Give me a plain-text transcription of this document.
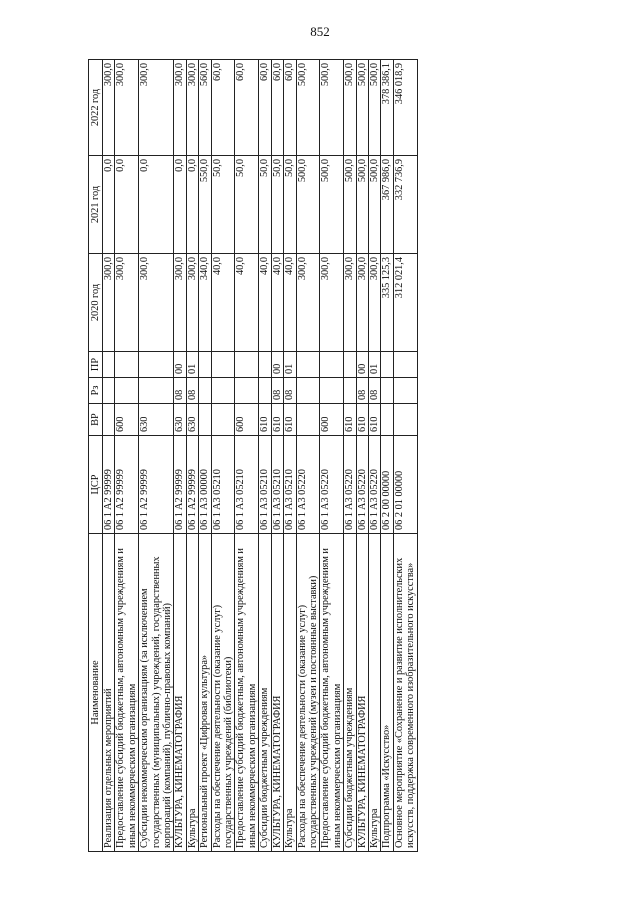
852
Наименование	ЦСР	ВР	Рз	ПР	2020 год	2021 год	2022 год
Реализация отдельных мероприятий	06 1 A2 99999				300,0	0,0	300,0
Предоставление субсидий бюджетным, автономным учреждениям и иным некоммерческим организациям	06 1 A2 99999	600			300,0	0,0	300,0
Субсидии некоммерческим организациям (за исключением государственных (муниципальных) учреждений, государственных корпораций (компаний), публично-правовых компаний)	06 1 A2 99999	630			300,0	0,0	300,0
КУЛЬТУРА, КИНЕМАТОГРАФИЯ	06 1 A2 99999	630	08	00	300,0	0,0	300,0
Культура	06 1 A2 99999	630	08	01	300,0	0,0	300,0
Региональный проект «Цифровая культура»	06 1 A3 00000				340,0	550,0	560,0
Расходы на обеспечение деятельности (оказание услуг) государственных учреждений (библиотеки)	06 1 A3 05210				40,0	50,0	60,0
Предоставление субсидий бюджетным, автономным учреждениям и иным некоммерческим организациям	06 1 A3 05210	600			40,0	50,0	60,0
Субсидии бюджетным учреждениям	06 1 A3 05210	610			40,0	50,0	60,0
КУЛЬТУРА, КИНЕМАТОГРАФИЯ	06 1 A3 05210	610	08	00	40,0	50,0	60,0
Культура	06 1 A3 05210	610	08	01	40,0	50,0	60,0
Расходы на обеспечение деятельности (оказание услуг) государственных учреждений (музеи и постоянные выставки)	06 1 A3 05220				300,0	500,0	500,0
Предоставление субсидий бюджетным, автономным учреждениям и иным некоммерческим организациям	06 1 A3 05220	600			300,0	500,0	500,0
Субсидии бюджетным учреждениям	06 1 A3 05220	610			300,0	500,0	500,0
КУЛЬТУРА, КИНЕМАТОГРАФИЯ	06 1 A3 05220	610	08	00	300,0	500,0	500,0
Культура	06 1 A3 05220	610	08	01	300,0	500,0	500,0
Подпрограмма «Искусство»	06 2 00 00000				335 125,3	367 986,0	378 386,1
Основное мероприятие «Сохранение и развитие исполнительских искусств, поддержка современного изобразительного искусства»	06 2 01 00000				312 021,4	332 736,9	346 018,9
